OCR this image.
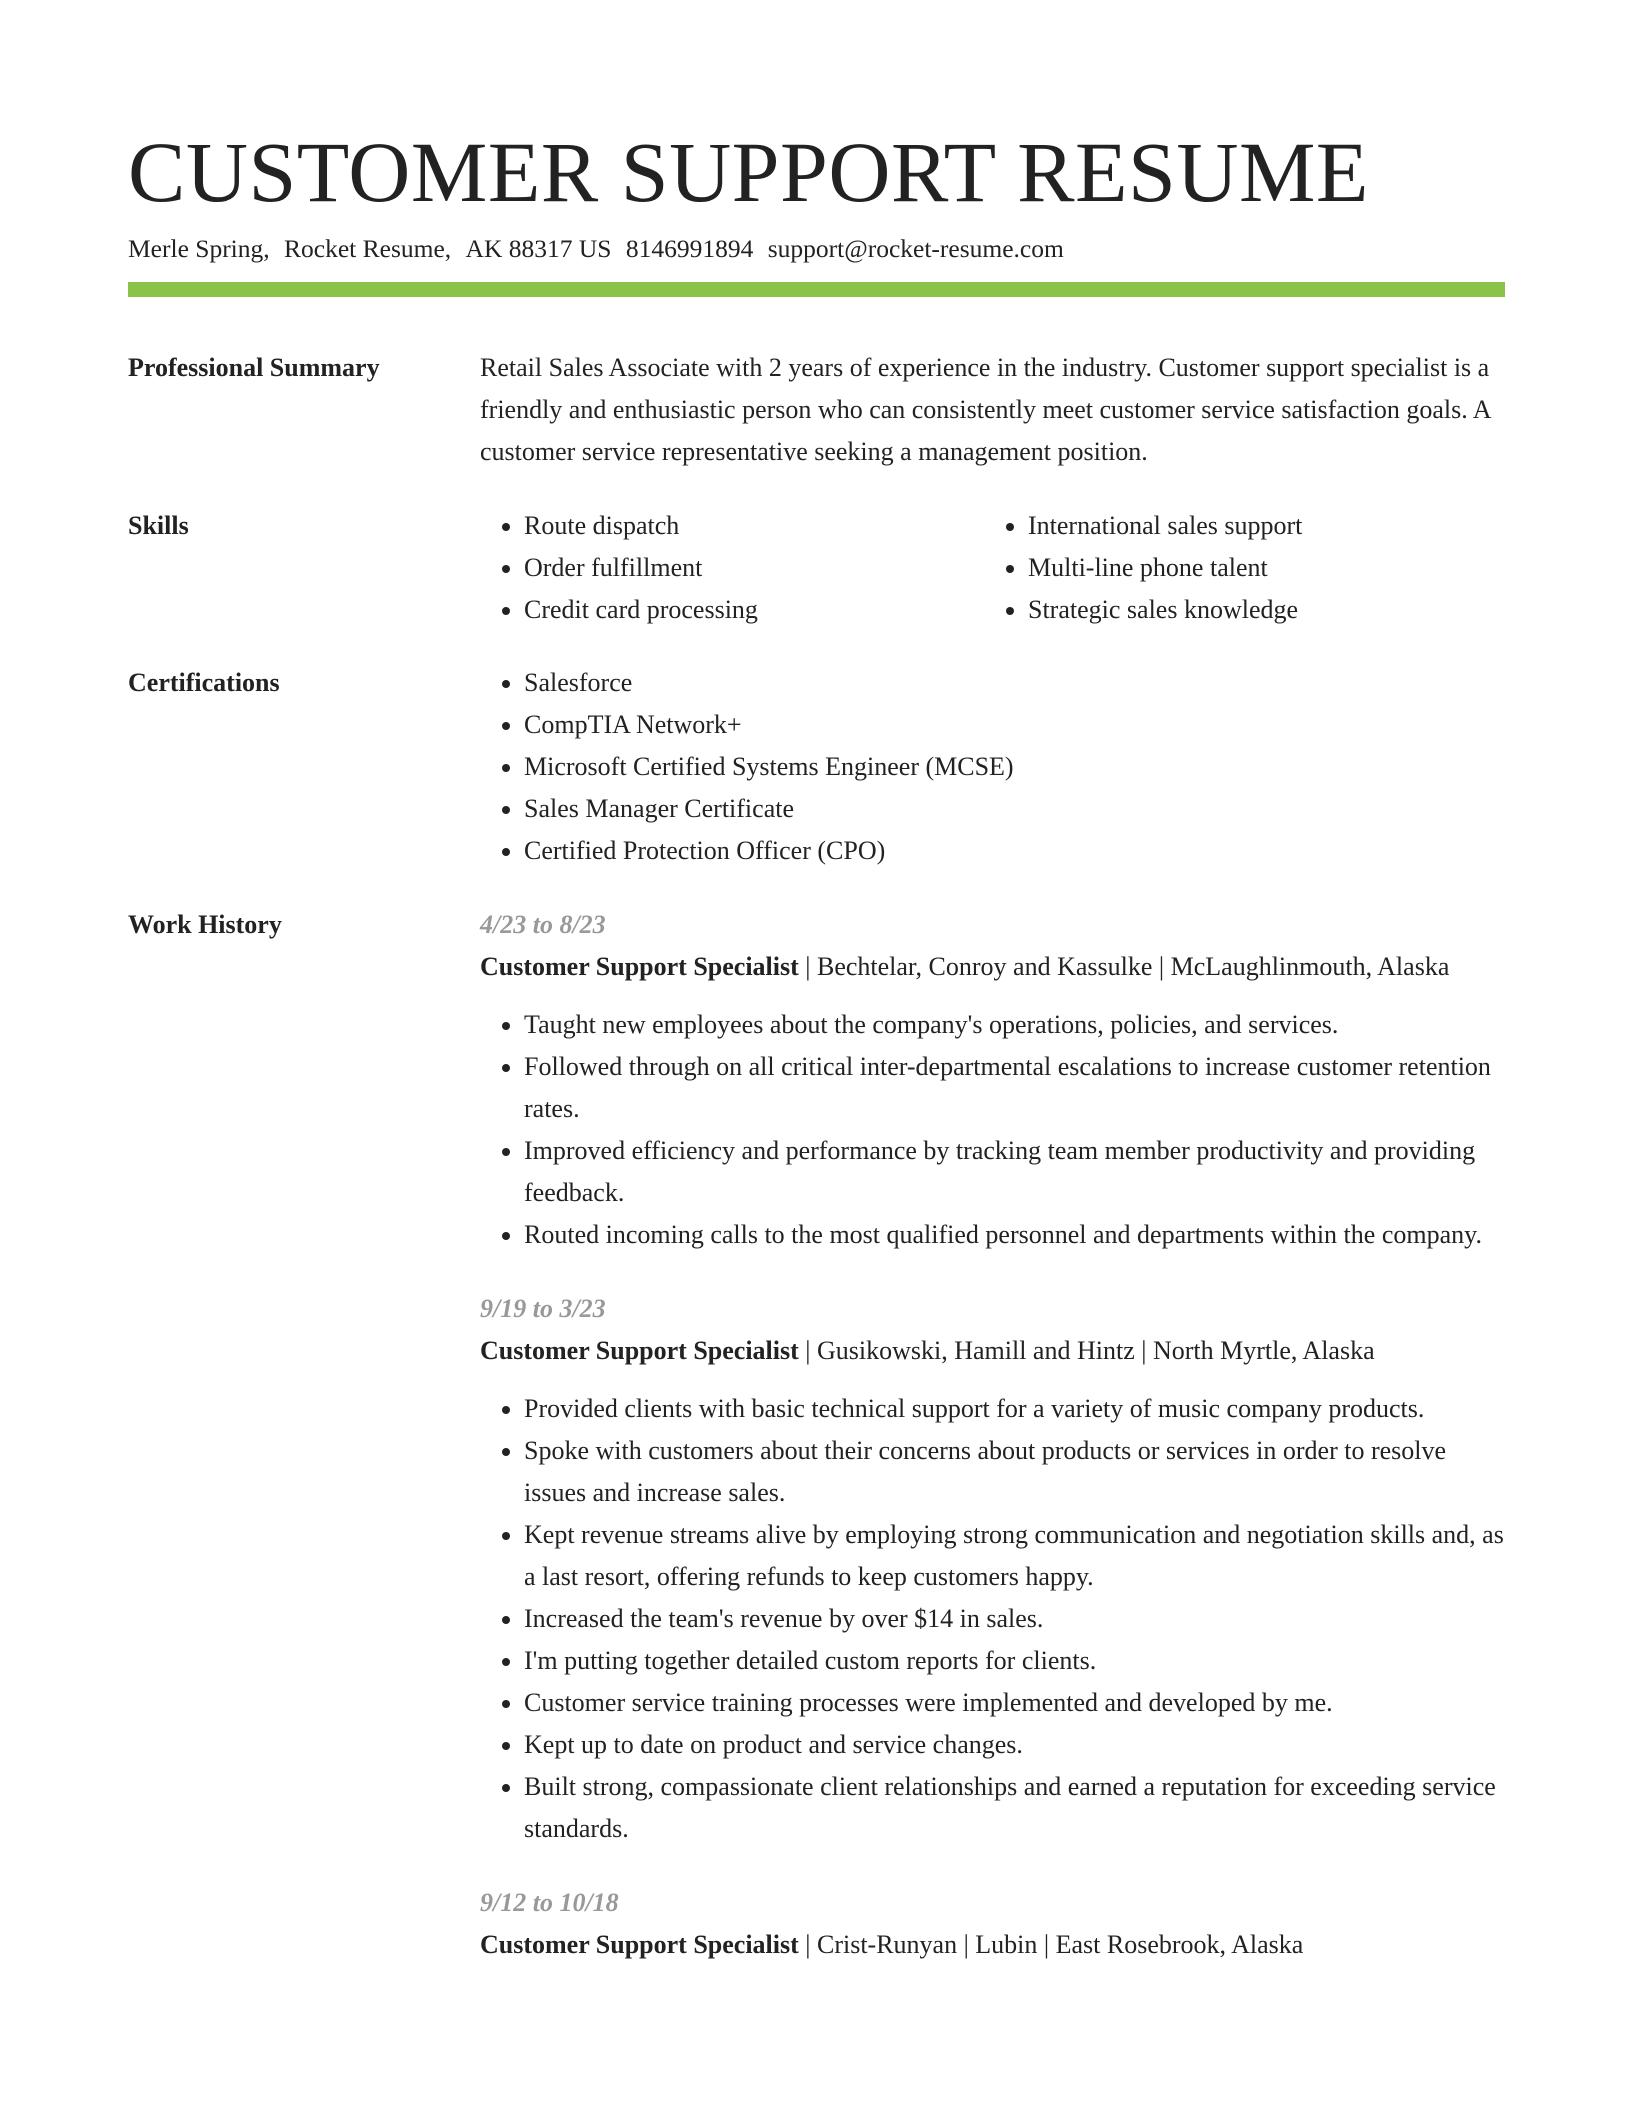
CUSTOMER SUPPORT RESUME
Merle Spring, Rocket Resume, AK 88317 US 8146991894 support@rocket-resume.com
Professional Summary	Retail Sales Associate with 2 years of experience in the industry. Customer support specialist is a friendly and enthusiastic person who can consistently meet customer service satisfaction goals. A customer service representative seeking a management position.
Skills	• Route dispatch
• Order fulfillment
• Credit card processing
• International sales support
• Multi-line phone talent
• Strategic sales knowledge
Certifications	• Salesforce
• CompTIA Network+
• Microsoft Certified Systems Engineer (MCSE)
• Sales Manager Certificate
• Certified Protection Officer (CPO)
Work History	4/23 to 8/23
Customer Support Specialist | Bechtelar, Conroy and Kassulke | McLaughlinmouth, Alaska
• Taught new employees about the company's operations, policies, and services.
• Followed through on all critical inter-departmental escalations to increase customer retention rates.
• Improved efficiency and performance by tracking team member productivity and providing feedback.
• Routed incoming calls to the most qualified personnel and departments within the company.
9/19 to 3/23
Customer Support Specialist | Gusikowski, Hamill and Hintz | North Myrtle, Alaska
• Provided clients with basic technical support for a variety of music company products.
• Spoke with customers about their concerns about products or services in order to resolve issues and increase sales.
• Kept revenue streams alive by employing strong communication and negotiation skills and, as a last resort, offering refunds to keep customers happy.
• Increased the team's revenue by over $14 in sales.
• I'm putting together detailed custom reports for clients.
• Customer service training processes were implemented and developed by me.
• Kept up to date on product and service changes.
• Built strong, compassionate client relationships and earned a reputation for exceeding service standards.
9/12 to 10/18
Customer Support Specialist | Crist-Runyan | Lubin | East Rosebrook, Alaska
